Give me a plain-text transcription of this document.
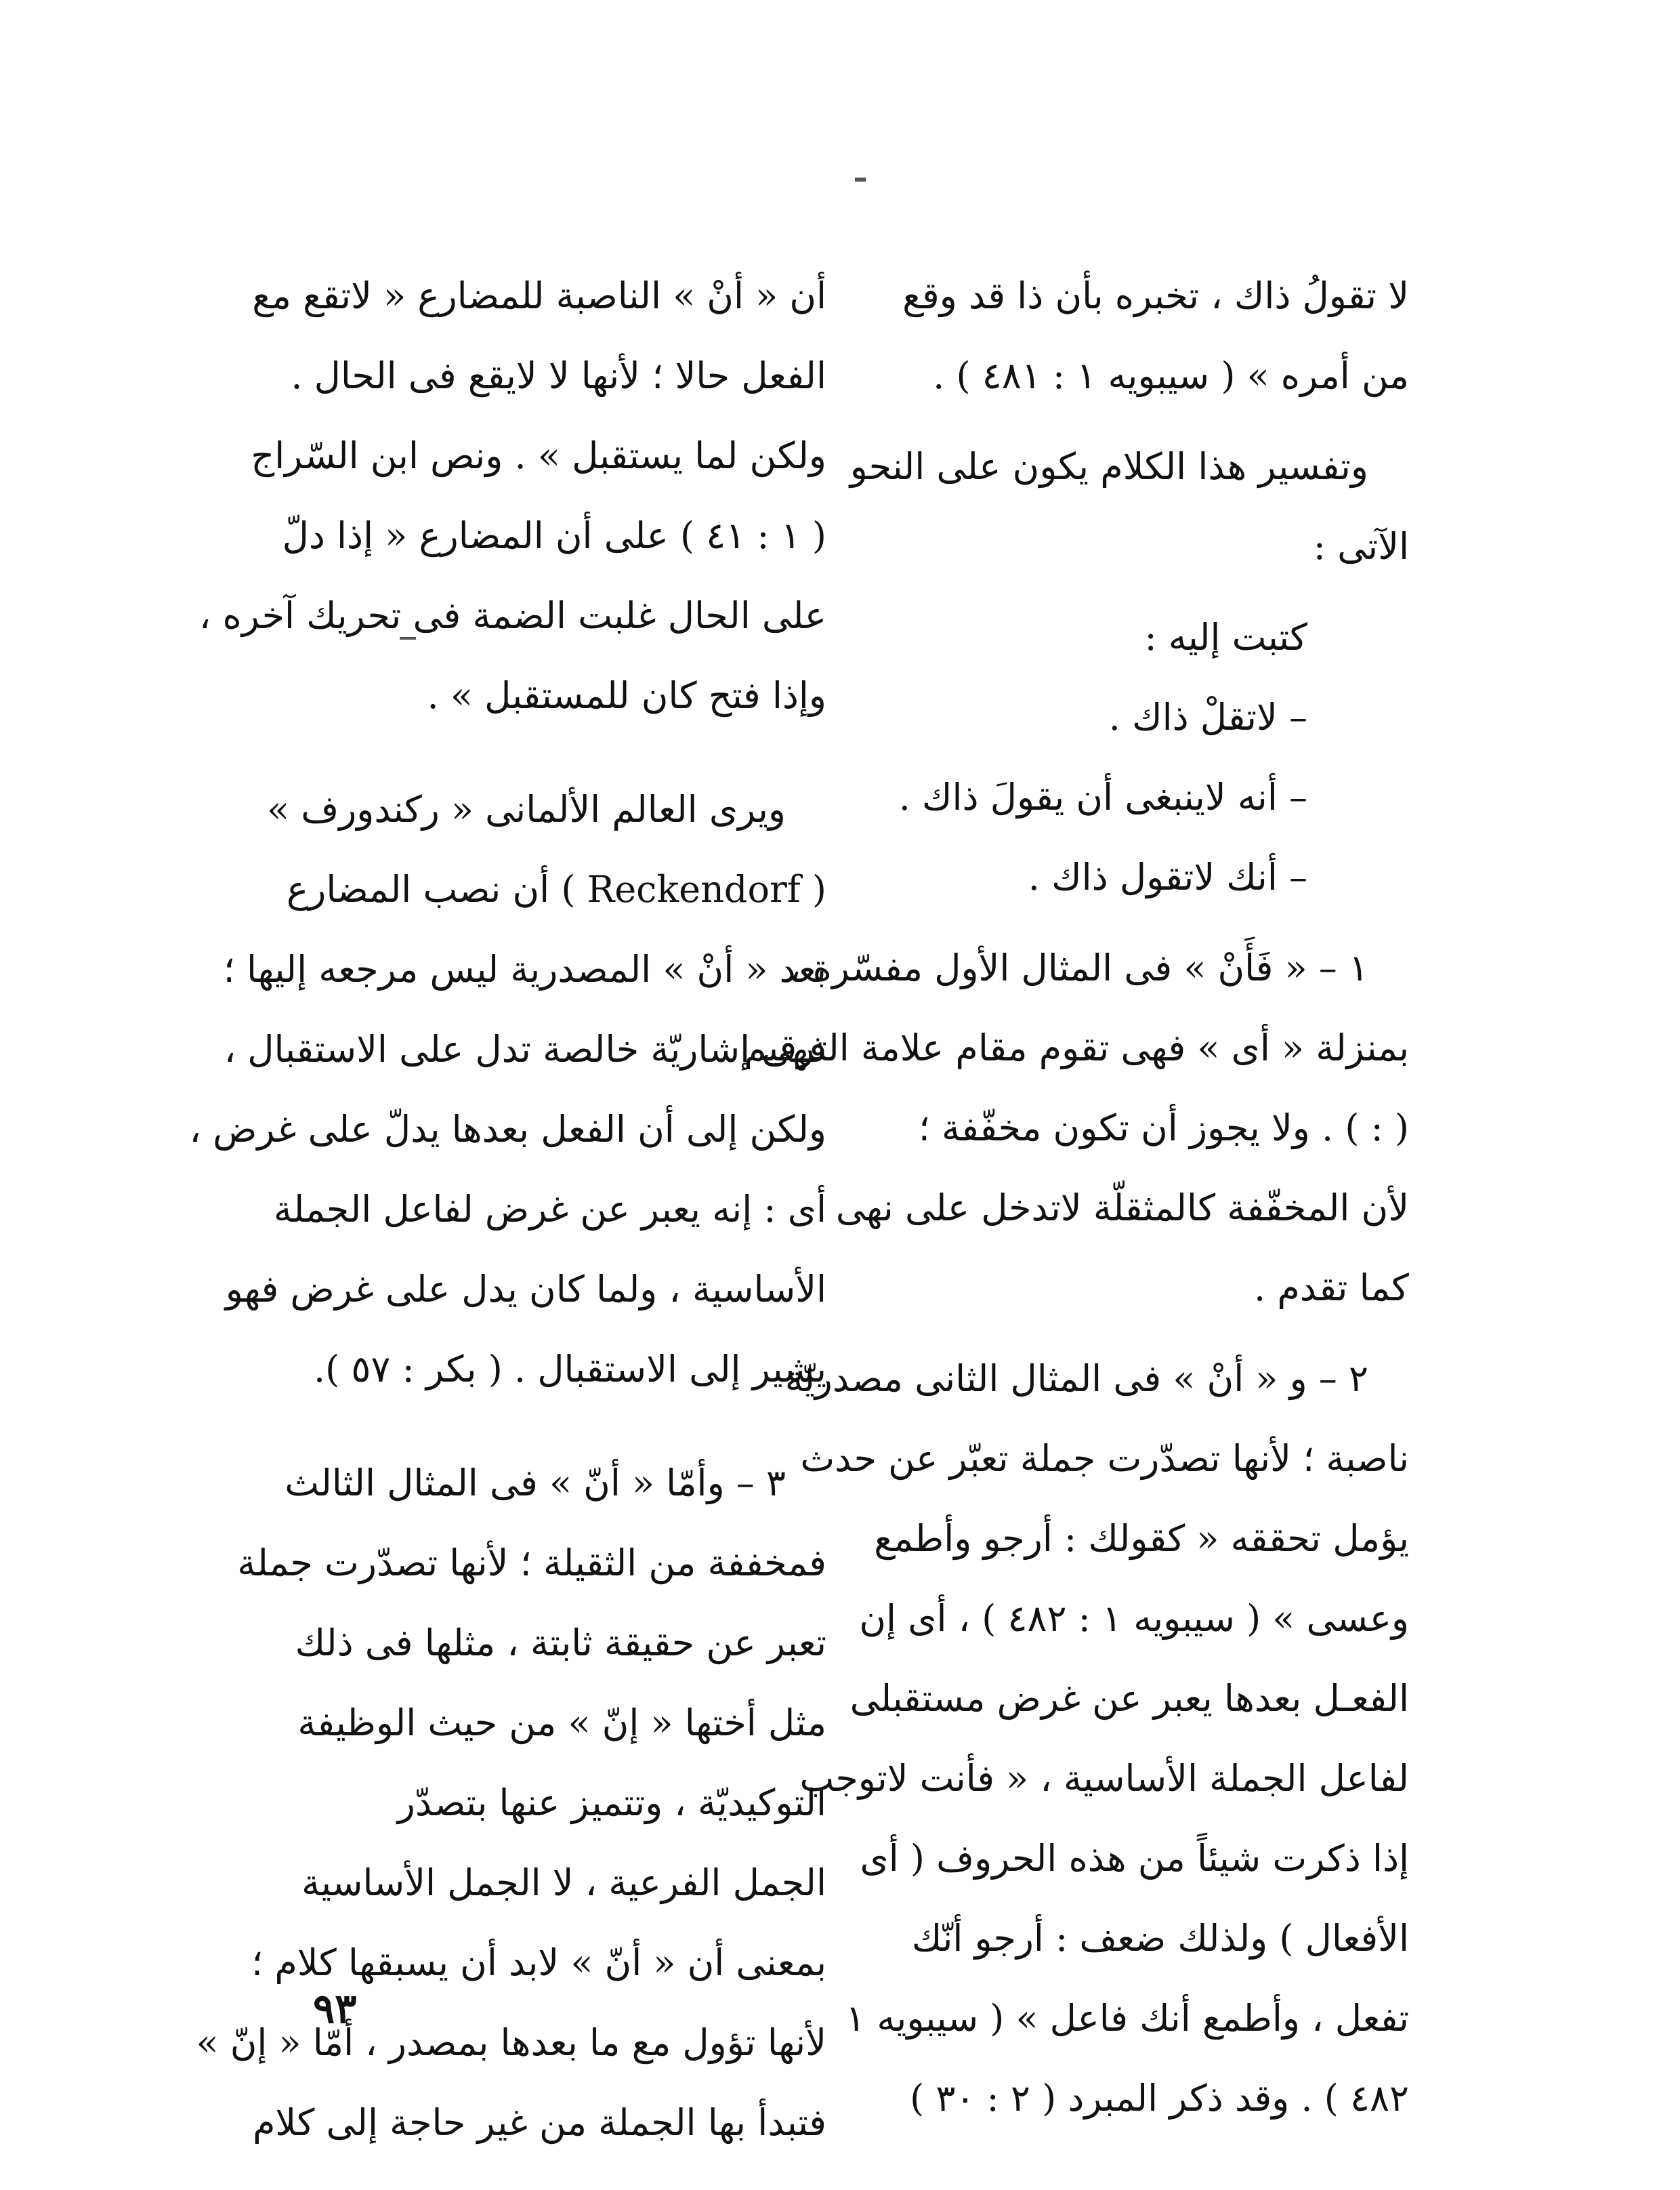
لا تقولُ ذاك ، تخبره بأن ذا قد وقع
من أمره » ( سيبويه ١ : ٤٨١ ) .
وتفسير هذا الكلام يكون على النحو
الآتى :
كتبت إليه :
– لاتقلْ ذاك .
– أنه لاينبغى أن يقولَ ذاك .
– أنك لاتقول ذاك .
١ – « فَأَنْ » فى المثال الأول مفسّرة ،
بمنزلة « أى » فهى تقوم مقام علامة الترقيم
( : ) . ولا يجوز أن تكون مخفّفة ؛
لأن المخفّفة كالمثقلّة لاتدخل على نهى
كما تقدم .
٢ – و « أنْ » فى المثال الثانى مصدريّة
ناصبة ؛ لأنها تصدّرت جملة تعبّر عن حدث
يؤمل تحققه « كقولك : أرجو وأطمع
وعسى » ( سيبويه ١ : ٤٨٢ ) ، أى إن
الفعـل بعدها يعبر عن غرض مستقبلى
لفاعل الجملة الأساسية ، « فأنت لاتوجب
إذا ذكرت شيئاً من هذه الحروف ( أى
الأفعال ) ولذلك ضعف : أرجو أنّك
تفعل ، وأطمع أنك فاعل » ( سيبويه ١
٤٨٢ ) . وقد ذكر المبرد ( ٢ : ٣٠ )
أن « أنْ » الناصبة للمضارع « لاتقع مع
الفعل حالا ؛ لأنها لا لايقع فى الحال .
ولكن لما يستقبل » . ونص ابن السّراج
( ١ : ٤١ ) على أن المضارع « إذا دلّ
على الحال غلبت الضمة فى تحريك آخره ،
وإذا فتح كان للمستقبل » .
ويرى العالم الألمانى « ركندورف »
( Reckendorf ) أن نصب المضارع
بعد « أنْ » المصدرية ليس مرجعه إليها ؛
فهى إشاريّة خالصة تدل على الاستقبال ،
ولكن إلى أن الفعل بعدها يدلّ على غرض ،
أى : إنه يعبر عن غرض لفاعل الجملة
الأساسية ، ولما كان يدل على غرض فهو
يشير إلى الاستقبال . ( بكر : ٥٧ ).
٣ – وأمّا « أنّ » فى المثال الثالث
فمخففة من الثقيلة ؛ لأنها تصدّرت جملة
تعبر عن حقيقة ثابتة ، مثلها فى ذلك
مثل أختها « إنّ » من حيث الوظيفة
التوكيديّة ، وتتميز عنها بتصدّر
الجمل الفرعية ، لا الجمل الأساسية
بمعنى أن « أنّ » لابد أن يسبقها كلام ؛
لأنها تؤول مع ما بعدها بمصدر ، أمّا « إنّ »
فتبدأ بها الجملة من غير حاجة إلى كلام
٩٣
